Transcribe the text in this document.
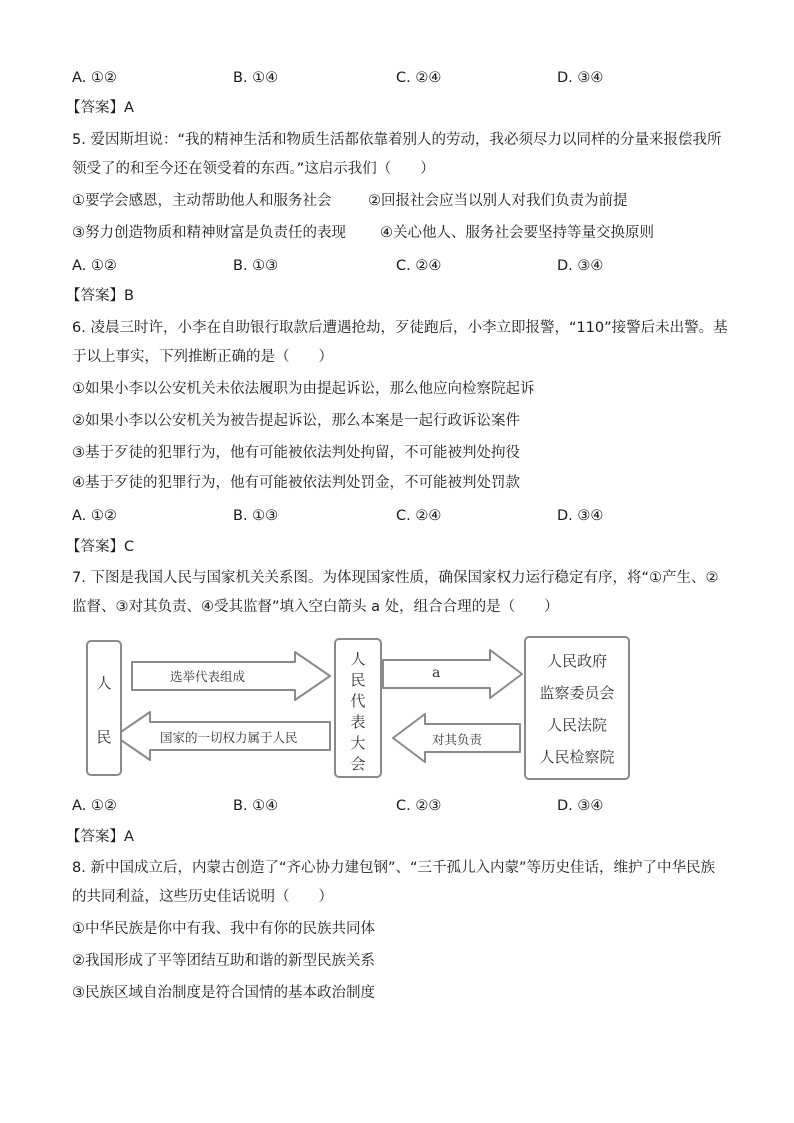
A. ①②	B. ①④	C. ②④	D. ③④
【答案】A
5. 爱因斯坦说：“我的精神生活和物质生活都依靠着别人的劳动，我必须尽力以同样的分量来报偿我所
领受了的和至今还在领受着的东西。”这启示我们（　　）
①要学会感恩，主动帮助他人和服务社会	②回报社会应当以别人对我们负责为前提
③努力创造物质和精神财富是负责任的表现 ④关心他人、服务社会要坚持等量交换原则
A. ①②	B. ①③	C. ②④	D. ③④
【答案】B
6. 凌晨三时许，小李在自助银行取款后遭遇抢劫，歹徒跑后，小李立即报警，“110”接警后未出警。基
于以上事实，下列推断正确的是（　　）
①如果小李以公安机关未依法履职为由提起诉讼，那么他应向检察院起诉
②如果小李以公安机关为被告提起诉讼，那么本案是一起行政诉讼案件
③基于歹徒的犯罪行为，他有可能被依法判处拘留，不可能被判处拘役
④基于歹徒的犯罪行为，他有可能被依法判处罚金，不可能被判处罚款
A. ①②	B. ①③	C. ②④	D. ③④
【答案】C
7. 下图是我国人民与国家机关关系图。为体现国家性质，确保国家权力运行稳定有序，将“①产生、②
监督、③对其负责、④受其监督”填入空白箭头 a 处，组合合理的是（　　）
人
民
人
民
代
表
大
会
人民政府
监察委员会
人民法院
人民检察院
选举代表组成
国家的一切权力属于人民
a
对其负责
A. ①②	B. ①④	C. ②③	D. ③④
【答案】A
8. 新中国成立后，内蒙古创造了“齐心协力建包钢”、“三千孤儿入内蒙”等历史佳话，维护了中华民族
的共同利益，这些历史佳话说明（　　）
①中华民族是你中有我、我中有你的民族共同体
②我国形成了平等团结互助和谐的新型民族关系
③民族区域自治制度是符合国情的基本政治制度
